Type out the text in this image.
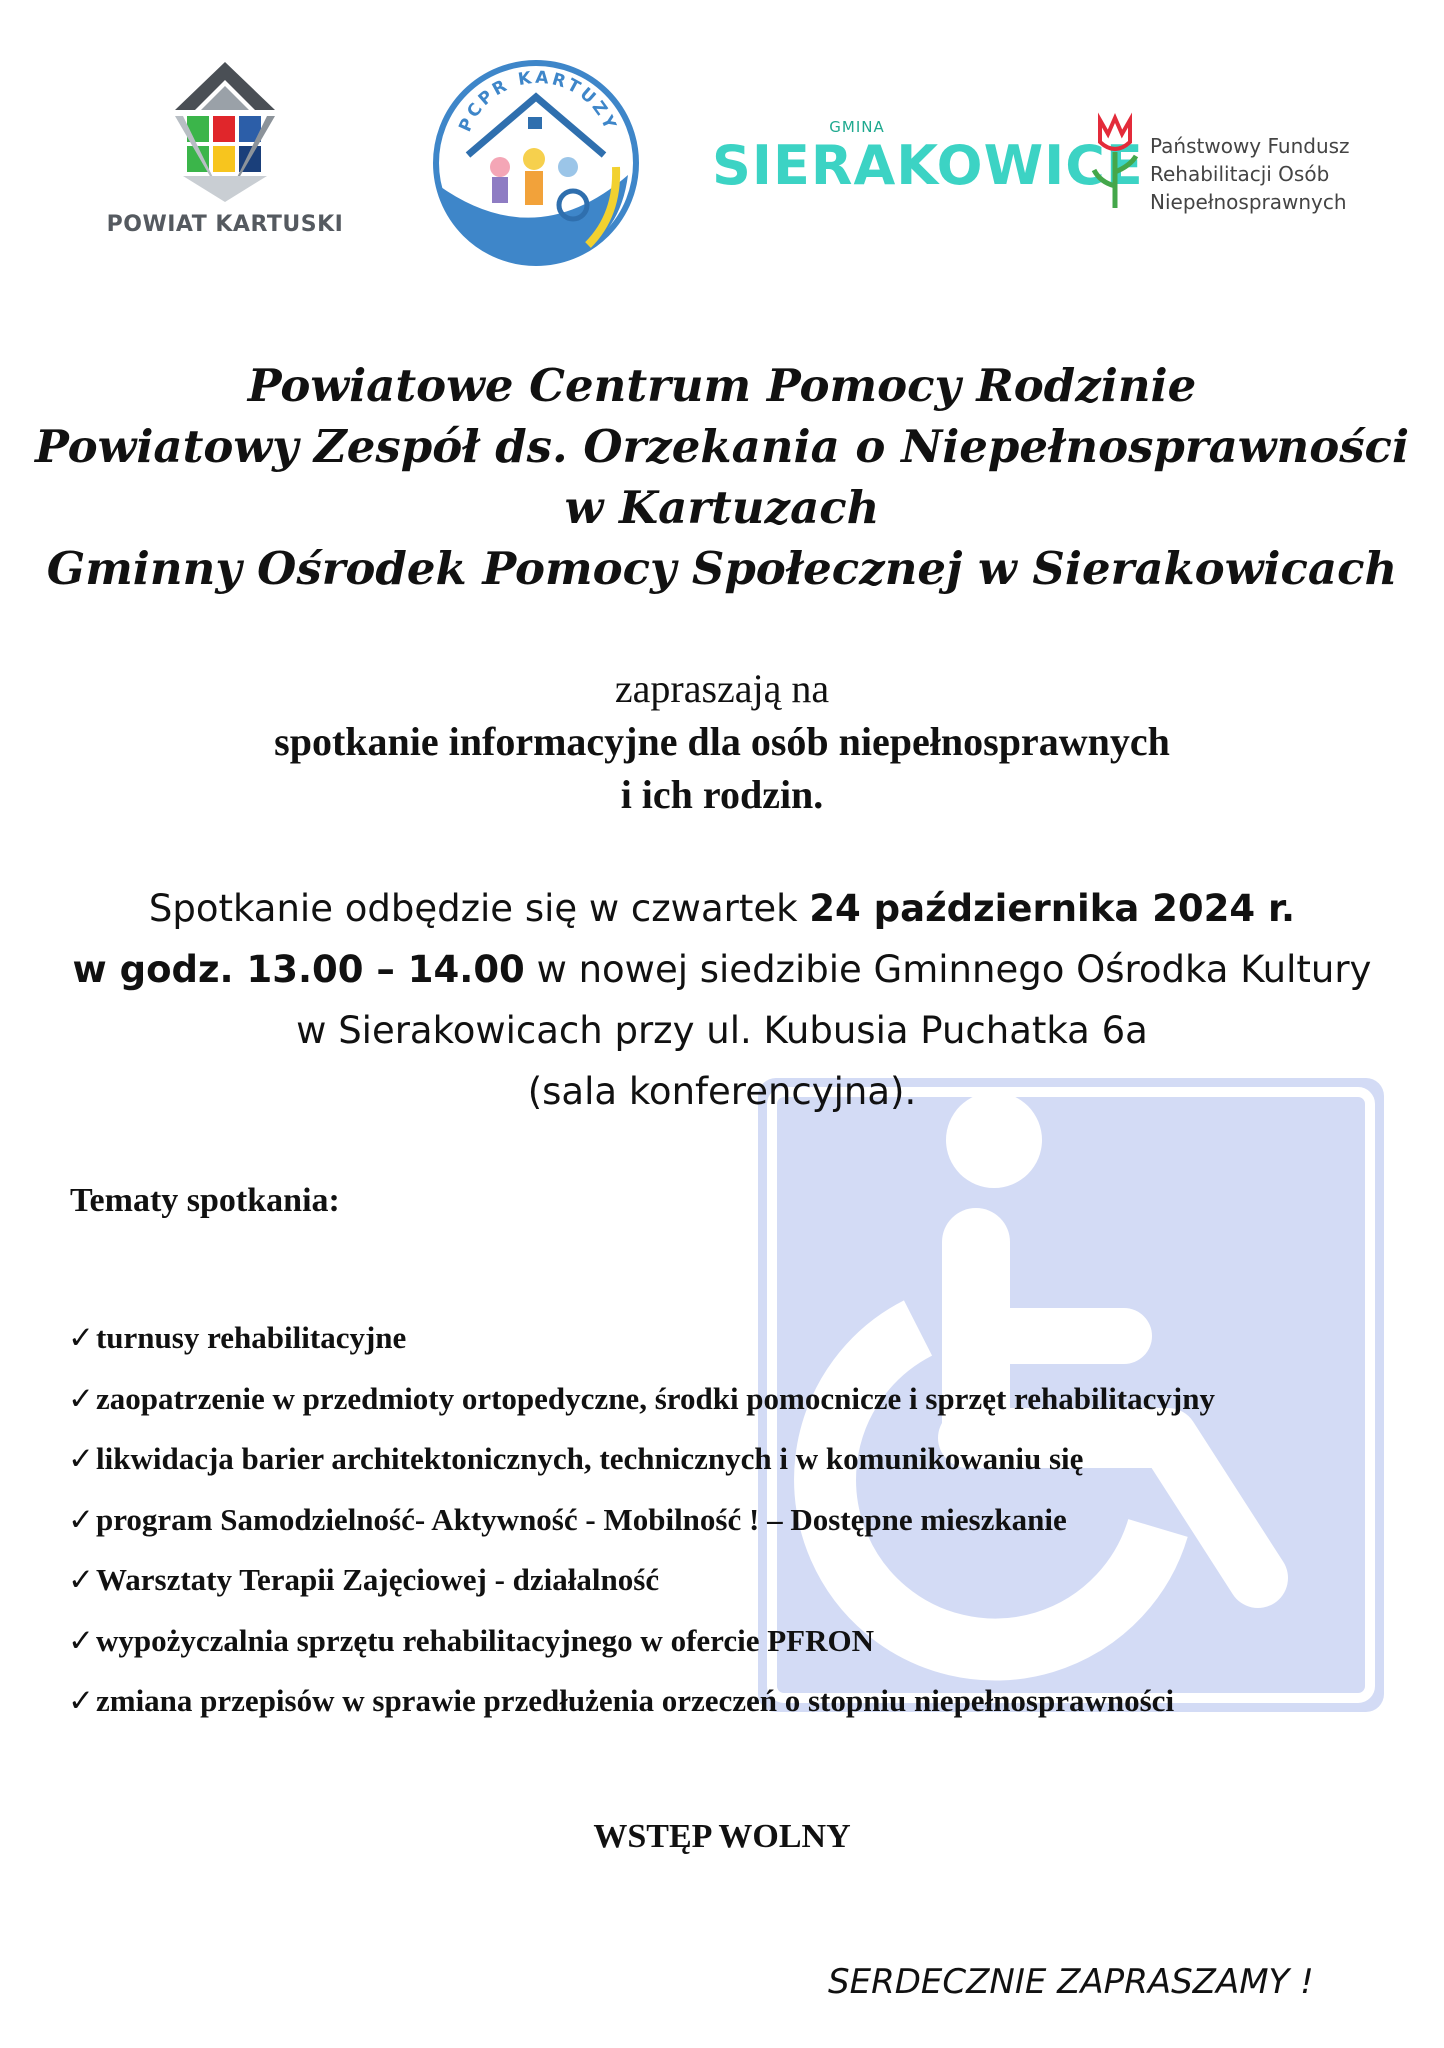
POWIAT KARTUSKI
PCPR KARTUZY	GMINA
SIERAKOWICE Państwowy Fundusz
Rehabilitacji Osób
Niepełnosprawnych
Powiatowe Centrum Pomocy Rodzinie
Powiatowy Zespół ds. Orzekania o Niepełnosprawności
w Kartuzach
Gminny Ośrodek Pomocy Społecznej w Sierakowicach
zapraszają na
spotkanie informacyjne dla osób niepełnosprawnych
i ich rodzin.
Spotkanie odbędzie się w czwartek 24 października 2024 r.
w godz. 13.00 – 14.00 w nowej siedzibie Gminnego Ośrodka Kultury
w Sierakowicach przy ul. Kubusia Puchatka 6a
(sala konferencyjna).
Tematy spotkania:
✓turnusy rehabilitacyjne
✓zaopatrzenie w przedmioty ortopedyczne, środki pomocnicze i sprzęt rehabilitacyjny
✓likwidacja barier architektonicznych, technicznych i w komunikowaniu się
✓program Samodzielność- Aktywność - Mobilność ! – Dostępne mieszkanie
✓Warsztaty Terapii Zajęciowej - działalność
✓wypożyczalnia sprzętu rehabilitacyjnego w ofercie PFRON
✓zmiana przepisów w sprawie przedłużenia orzeczeń o stopniu niepełnosprawności
WSTĘP WOLNY
SERDECZNIE ZAPRASZAMY !
